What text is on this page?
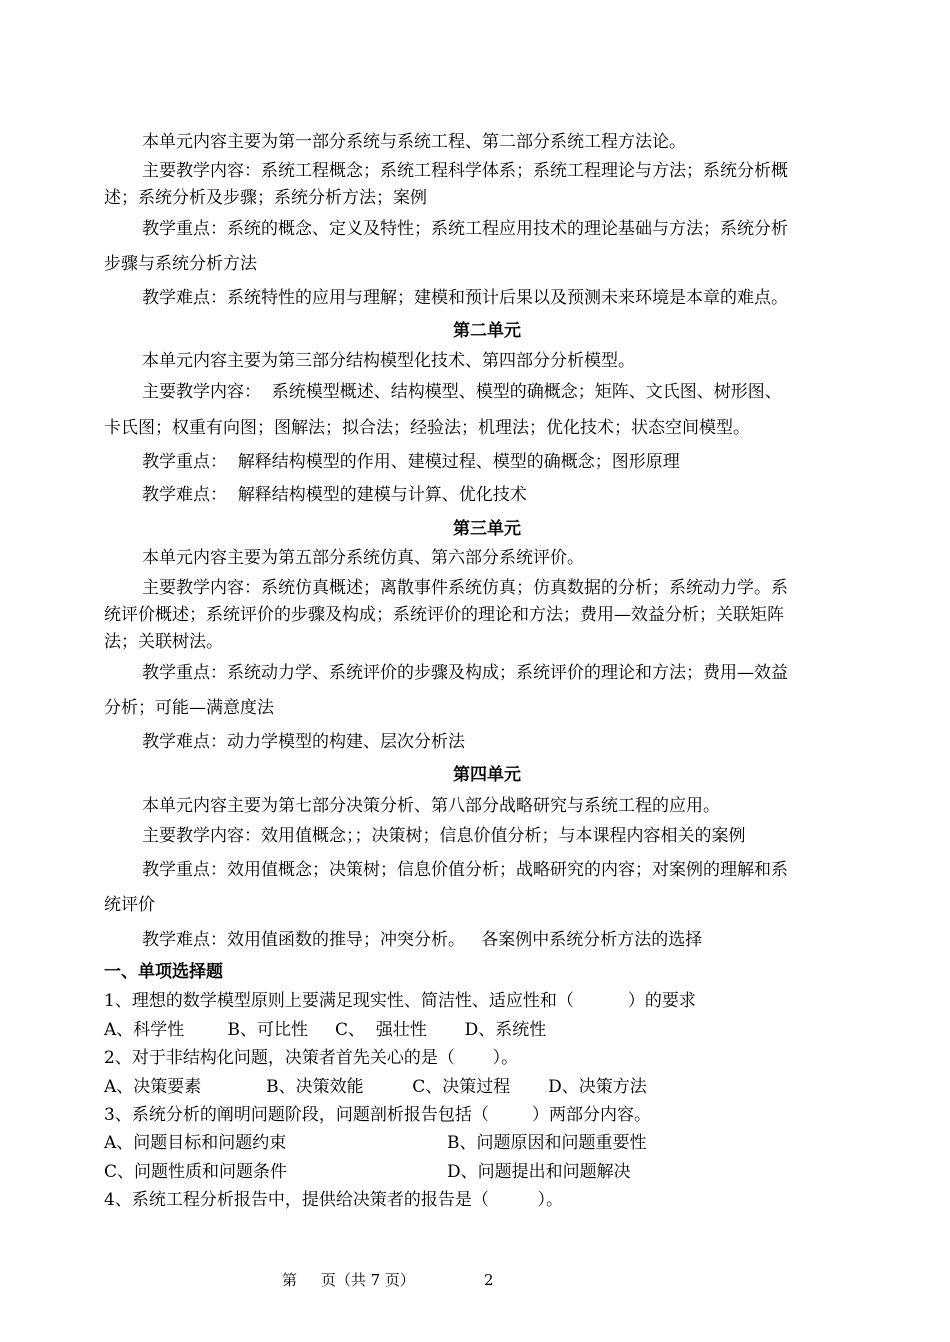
本单元内容主要为第一部分系统与系统工程、第二部分系统工程方法论。
主要教学内容：系统工程概念；系统工程科学体系；系统工程理论与方法；系统分析概
述；系统分析及步骤；系统分析方法；案例
教学重点：系统的概念、定义及特性；系统工程应用技术的理论基础与方法；系统分析
步骤与系统分析方法
教学难点：系统特性的应用与理解；建模和预计后果以及预测未来环境是本章的难点。
第二单元
本单元内容主要为第三部分结构模型化技术、第四部分分析模型。
主要教学内容：  系统模型概述、结构模型、模型的确概念；矩阵、文氏图、树形图、
卡氏图；权重有向图；图解法；拟合法；经验法；机理法；优化技术；状态空间模型。
教学重点：  解释结构模型的作用、建模过程、模型的确概念；图形原理
教学难点：  解释结构模型的建模与计算、优化技术
第三单元
本单元内容主要为第五部分系统仿真、第六部分系统评价。
主要教学内容：系统仿真概述；离散事件系统仿真；仿真数据的分析；系统动力学。系
统评价概述；系统评价的步骤及构成；系统评价的理论和方法；费用—效益分析；关联矩阵
法；关联树法。
教学重点：系统动力学、系统评价的步骤及构成；系统评价的理论和方法；费用—效益
分析；可能—满意度法
教学难点：动力学模型的构建、层次分析法
第四单元
本单元内容主要为第七部分决策分析、第八部分战略研究与系统工程的应用。
主要教学内容：效用值概念；；决策树；信息价值分析；与本课程内容相关的案例
教学重点：效用值概念；决策树；信息价值分析；战略研究的内容；对案例的理解和系
统评价
教学难点：效用值函数的推导；冲突分析。   各案例中系统分析方法的选择
一、单项选择题
1、理想的数学模型原则上要满足现实性、简洁性、适应性和（          ）的要求
A、科学性        B、可比性     C、  强壮性       D、系统性
2、对于非结构化问题，决策者首先关心的是（       ）。
A、决策要素            B、决策效能         C、决策过程       D、决策方法
3、系统分析的阐明问题阶段，问题剖析报告包括（        ）两部分内容。
A、问题目标和问题约束	B、问题原因和问题重要性
C、问题性质和问题条件	D、问题提出和问题解决
4、系统工程分析报告中，提供给决策者的报告是（         ）。
第     页（共 7 页）	2
